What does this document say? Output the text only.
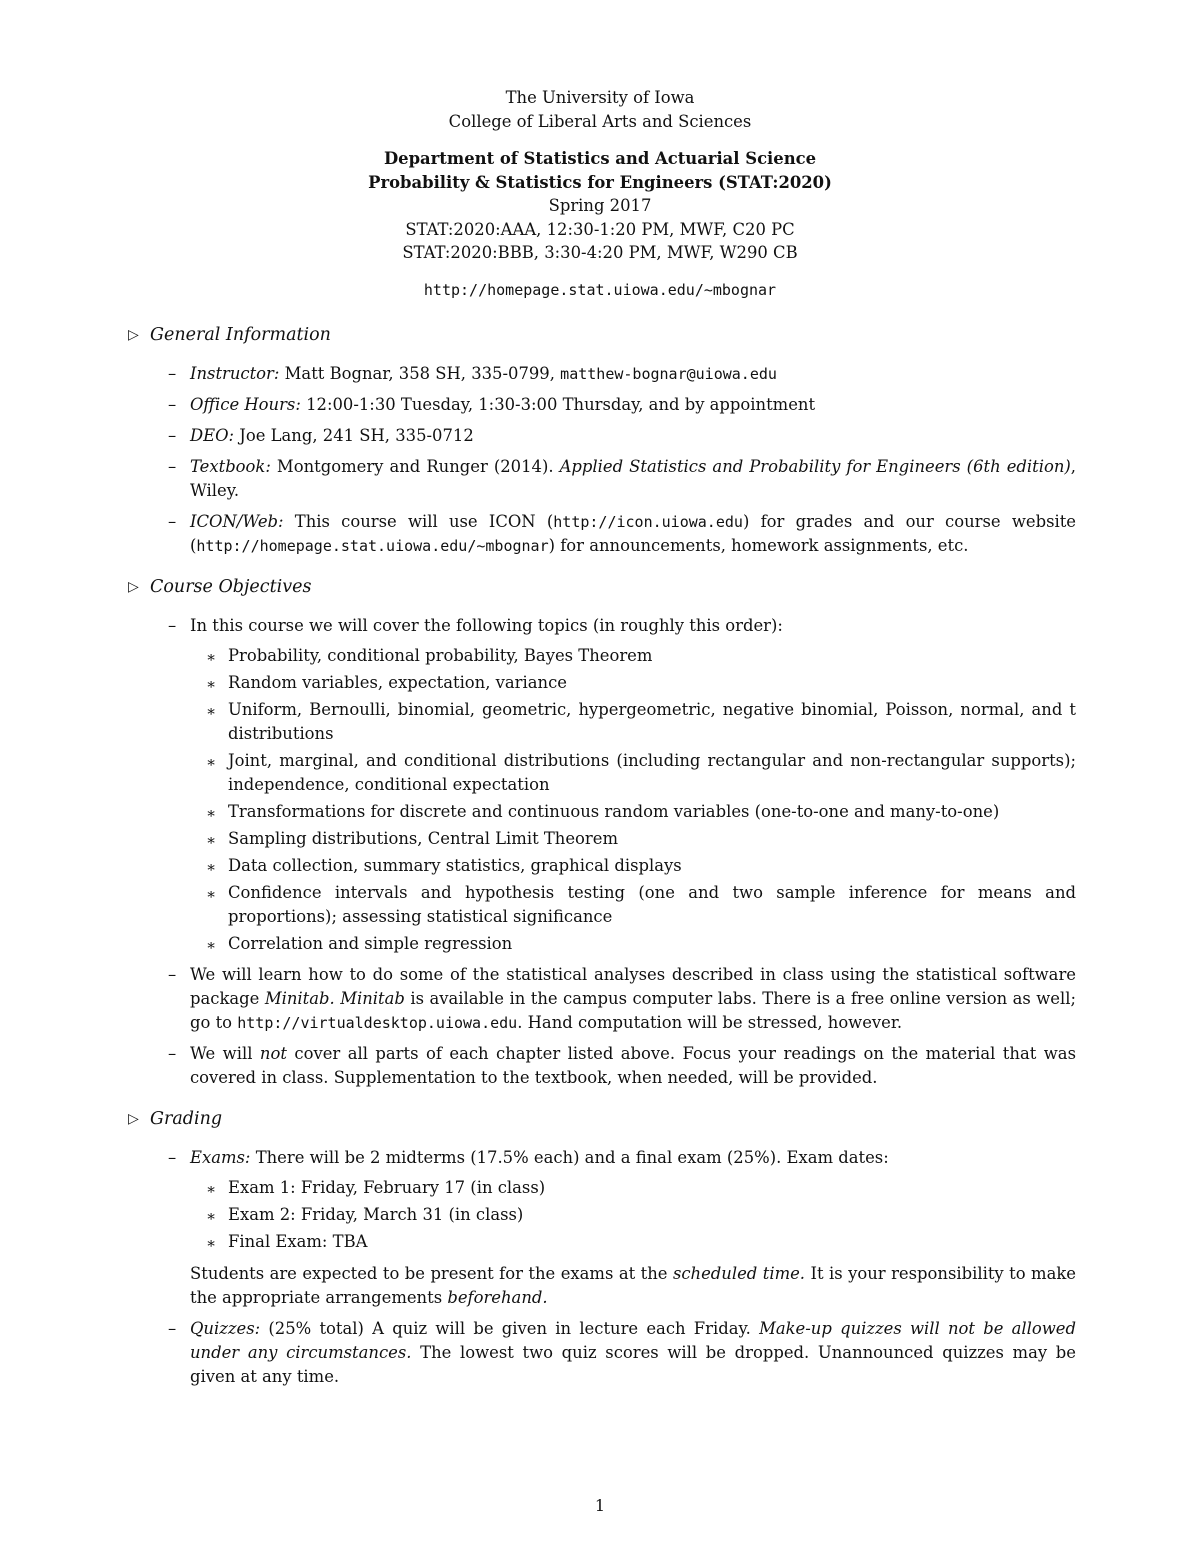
The University of Iowa
College of Liberal Arts and Sciences
Department of Statistics and Actuarial Science
Probability & Statistics for Engineers (STAT:2020)
Spring 2017
STAT:2020:AAA, 12:30-1:20 PM, MWF, C20 PC
STAT:2020:BBB, 3:30-4:20 PM, MWF, W290 CB
http://homepage.stat.uiowa.edu/~mbognar
▷ General Information
– Instructor: Matt Bognar, 358 SH, 335-0799, matthew-bognar@uiowa.edu
– Office Hours: 12:00-1:30 Tuesday, 1:30-3:00 Thursday, and by appointment
– DEO: Joe Lang, 241 SH, 335-0712
– Textbook: Montgomery and Runger (2014). Applied Statistics and Probability for Engineers (6th edition), Wiley.
– ICON/Web: This course will use ICON (http://icon.uiowa.edu) for grades and our course website (http://homepage.stat.uiowa.edu/~mbognar) for announcements, homework assignments, etc.
▷ Course Objectives
– In this course we will cover the following topics (in roughly this order):
∗ Probability, conditional probability, Bayes Theorem
∗ Random variables, expectation, variance
∗ Uniform, Bernoulli, binomial, geometric, hypergeometric, negative binomial, Poisson, normal, and t distributions
∗ Joint, marginal, and conditional distributions (including rectangular and non-rectangular supports); independence, conditional expectation
∗ Transformations for discrete and continuous random variables (one-to-one and many-to-one)
∗ Sampling distributions, Central Limit Theorem
∗ Data collection, summary statistics, graphical displays
∗ Confidence intervals and hypothesis testing (one and two sample inference for means and proportions); assessing statistical significance
∗ Correlation and simple regression
– We will learn how to do some of the statistical analyses described in class using the statistical software package Minitab. Minitab is available in the campus computer labs. There is a free online version as well; go to http://virtualdesktop.uiowa.edu. Hand computation will be stressed, however.
– We will not cover all parts of each chapter listed above. Focus your readings on the material that was covered in class. Supplementation to the textbook, when needed, will be provided.
▷ Grading
– Exams: There will be 2 midterms (17.5% each) and a final exam (25%). Exam dates:
∗ Exam 1: Friday, February 17 (in class)
∗ Exam 2: Friday, March 31 (in class)
∗ Final Exam: TBA
Students are expected to be present for the exams at the scheduled time. It is your responsibility to make the appropriate arrangements beforehand.
– Quizzes: (25% total) A quiz will be given in lecture each Friday. Make-up quizzes will not be allowed under any circumstances. The lowest two quiz scores will be dropped. Unannounced quizzes may be given at any time.
1
